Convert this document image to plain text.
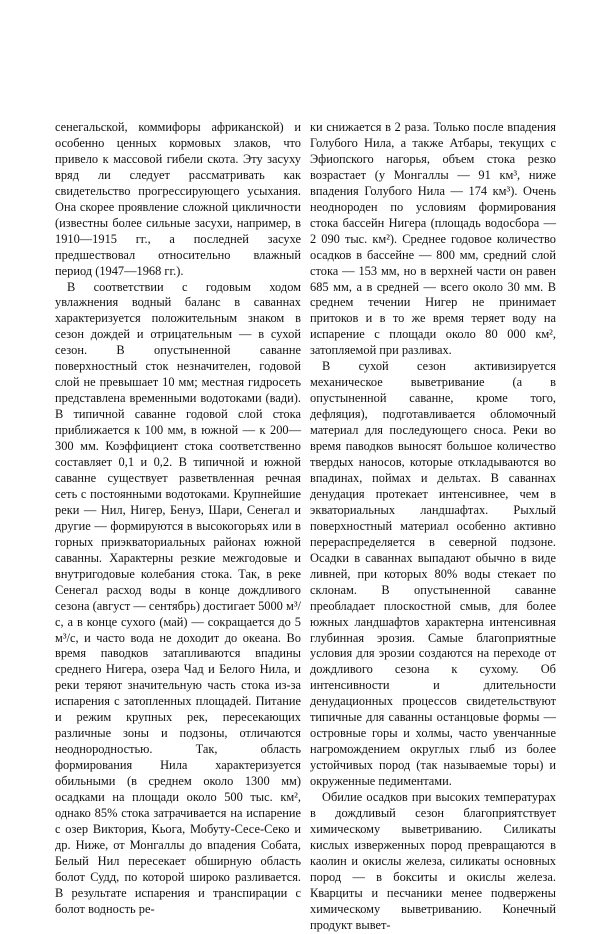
сенегальской, коммифоры африканской) и особенно ценных кормовых злаков, что привело к массовой гибели скота. Эту засуху вряд ли следует рассматривать как свидетельство прогрессирующего усыхания. Она скорее проявление сложной цикличности (известны более сильные засухи, например, в 1910—1915 гг., а последней засухе предшествовал относительно влажный период (1947—1968 гг.).

В соответствии с годовым ходом увлажнения водный баланс в саваннах характеризуется положительным знаком в сезон дождей и отрицательным — в сухой сезон. В опустыненной саванне поверхностный сток незначителен, годовой слой не превышает 10 мм; местная гидросеть представлена временными водотоками (вади). В типичной саванне годовой слой стока приближается к 100 мм, в южной — к 200—300 мм. Коэффициент стока соответственно составляет 0,1 и 0,2. В типичной и южной саванне существует разветвленная речная сеть с постоянными водотоками. Крупнейшие реки — Нил, Нигер, Бенуэ, Шари, Сенегал и другие — формируются в высокогорьях или в горных приэкваториальных районах южной саванны. Характерны резкие межгодовые и внутригодовые колебания стока. Так, в реке Сенегал расход воды в конце дождливого сезона (август — сентябрь) достигает 5000 м³/с, а в конце сухого (май) — сокращается до 5 м³/с, и часто вода не доходит до океана. Во время паводков затапливаются впадины среднего Нигера, озера Чад и Белого Нила, и реки теряют значительную часть стока из-за испарения с затопленных площадей. Питание и режим крупных рек, пересекающих различные зоны и подзоны, отличаются неоднородностью. Так, область формирования Нила характеризуется обильными (в среднем около 1300 мм) осадками на площади около 500 тыс. км², однако 85% стока затрачивается на испарение с озер Виктория, Кьога, Мобуту-Сесе-Секо и др. Ниже, от Монгаллы до впадения Собата, Белый Нил пересекает обширную область болот Судд, по которой широко разливается. В результате испарения и транспирации с болот водность ре-

ки снижается в 2 раза. Только после впадения Голубого Нила, а также Атбары, текущих с Эфиопского нагорья, объем стока резко возрастает (у Монгаллы — 91 км³, ниже впадения Голубого Нила — 174 км³). Очень неоднороден по условиям формирования стока бассейн Нигера (площадь водосбора — 2 090 тыс. км²). Среднее годовое количество осадков в бассейне — 800 мм, средний слой стока — 153 мм, но в верхней части он равен 685 мм, а в средней — всего около 30 мм. В среднем течении Нигер не принимает притоков и в то же время теряет воду на испарение с площади около 80 000 км², затопляемой при разливах.

В сухой сезон активизируется механическое выветривание (а в опустыненной саванне, кроме того, дефляция), подготавливается обломочный материал для последующего сноса. Реки во время паводков выносят большое количество твердых наносов, которые откладываются во впадинах, поймах и дельтах. В саваннах денудация протекает интенсивнее, чем в экваториальных ландшафтах. Рыхлый поверхностный материал особенно активно перераспределяется в северной подзоне. Осадки в саваннах выпадают обычно в виде ливней, при которых 80% воды стекает по склонам. В опустыненной саванне преобладает плоскостной смыв, для более южных ландшафтов характерна интенсивная глубинная эрозия. Самые благоприятные условия для эрозии создаются на переходе от дождливого сезона к сухому. Об интенсивности и длительности денудационных процессов свидетельствуют типичные для саванны останцовые формы — островные горы и холмы, часто увенчанные нагромождением округлых глыб из более устойчивых пород (так называемые торы) и окруженные педиментами.

Обилие осадков при высоких температурах в дождливый сезон благоприятствует химическому выветриванию. Силикаты кислых изверженных пород превращаются в каолин и окислы железа, силикаты основных пород — в бокситы и окислы железа. Кварциты и песчаники менее подвержены химическому выветриванию. Конечный продукт вывет-
